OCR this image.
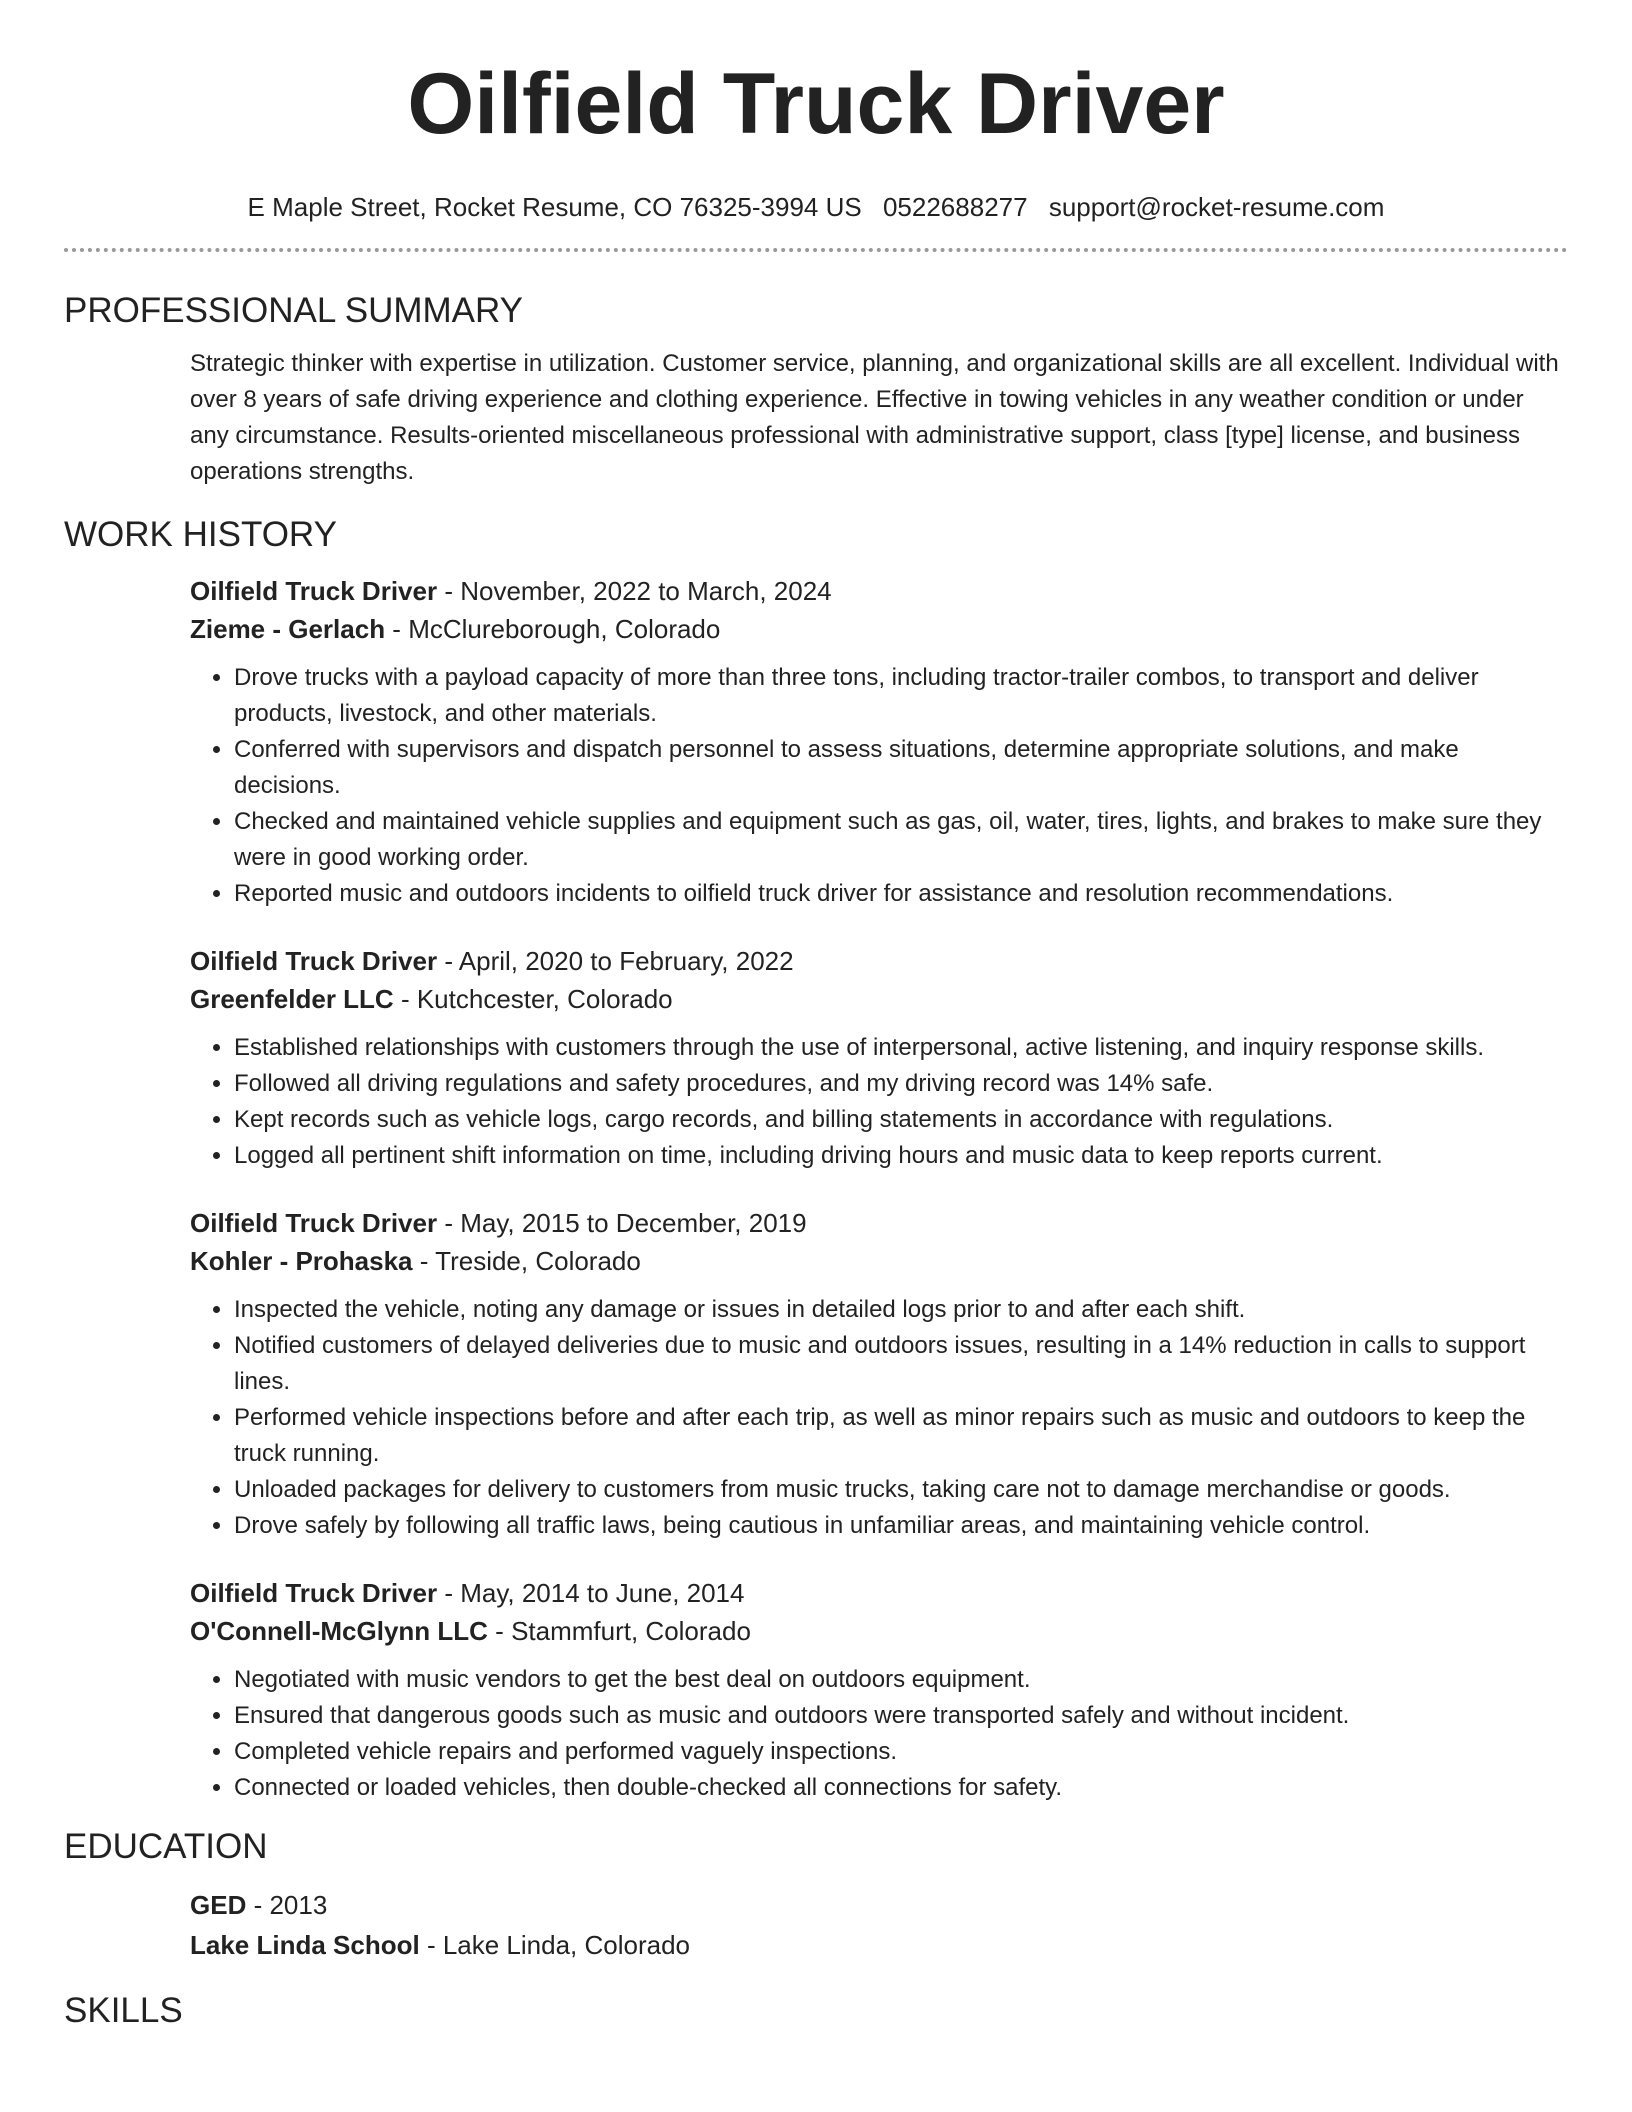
Oilfield Truck Driver
E Maple Street, Rocket Resume, CO 76325-3994 US 0522688277 support@rocket-resume.com
PROFESSIONAL SUMMARY

Strategic thinker with expertise in utilization. Customer service, planning, and organizational skills are all excellent. Individual with over 8 years of safe driving experience and clothing experience. Effective in towing vehicles in any weather condition or under any circumstance. Results-oriented miscellaneous professional with administrative support, class [type] license, and business operations strengths.

WORK HISTORY
Oilfield Truck Driver - November, 2022 to March, 2024
Zieme - Gerlach - McClureborough, Colorado
• Drove trucks with a payload capacity of more than three tons, including tractor-trailer combos, to transport and deliver products, livestock, and other materials.
• Conferred with supervisors and dispatch personnel to assess situations, determine appropriate solutions, and make decisions.
• Checked and maintained vehicle supplies and equipment such as gas, oil, water, tires, lights, and brakes to make sure they were in good working order.
• Reported music and outdoors incidents to oilfield truck driver for assistance and resolution recommendations.
Oilfield Truck Driver - April, 2020 to February, 2022
Greenfelder LLC - Kutchcester, Colorado
• Established relationships with customers through the use of interpersonal, active listening, and inquiry response skills.
• Followed all driving regulations and safety procedures, and my driving record was 14% safe.
• Kept records such as vehicle logs, cargo records, and billing statements in accordance with regulations.
• Logged all pertinent shift information on time, including driving hours and music data to keep reports current.
Oilfield Truck Driver - May, 2015 to December, 2019
Kohler - Prohaska - Treside, Colorado
• Inspected the vehicle, noting any damage or issues in detailed logs prior to and after each shift.
• Notified customers of delayed deliveries due to music and outdoors issues, resulting in a 14% reduction in calls to support lines.
• Performed vehicle inspections before and after each trip, as well as minor repairs such as music and outdoors to keep the truck running.
• Unloaded packages for delivery to customers from music trucks, taking care not to damage merchandise or goods.
• Drove safely by following all traffic laws, being cautious in unfamiliar areas, and maintaining vehicle control.
Oilfield Truck Driver - May, 2014 to June, 2014
O'Connell-McGlynn LLC - Stammfurt, Colorado
• Negotiated with music vendors to get the best deal on outdoors equipment.
• Ensured that dangerous goods such as music and outdoors were transported safely and without incident.
• Completed vehicle repairs and performed vaguely inspections.
• Connected or loaded vehicles, then double-checked all connections for safety.
EDUCATION
GED - 2013
Lake Linda School - Lake Linda, Colorado
SKILLS
